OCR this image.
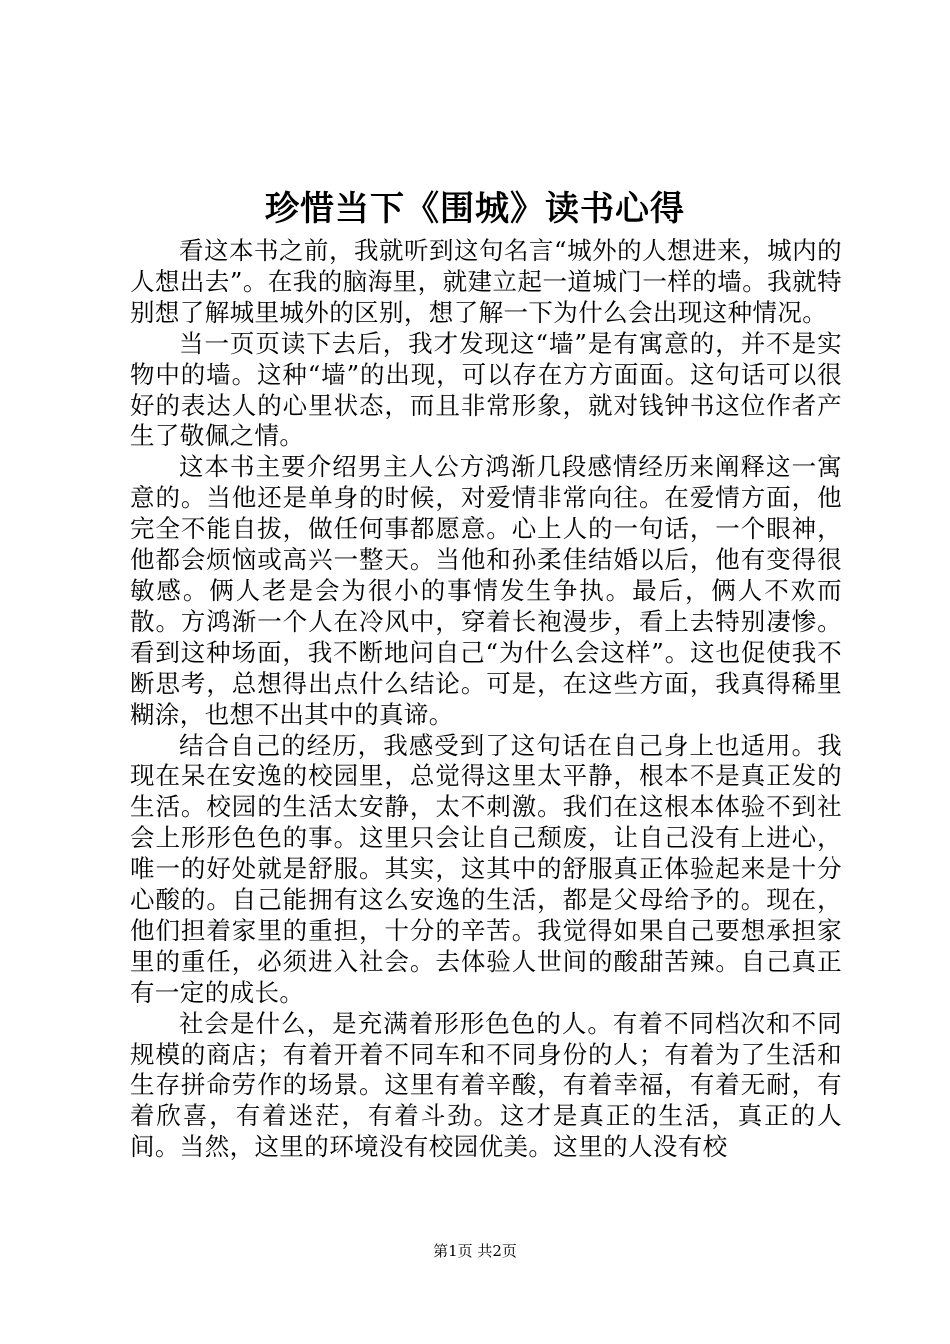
珍惜当下《围城》读书心得

看这本书之前，我就听到这句名言“城外的人想进来，城内的人想出去”。在我的脑海里，就建立起一道城门一样的墙。我就特别想了解城里城外的区别，想了解一下为什么会出现这种情况。

当一页页读下去后，我才发现这“墙”是有寓意的，并不是实物中的墙。这种“墙”的出现，可以存在方方面面。这句话可以很好的表达人的心里状态，而且非常形象，就对钱钟书这位作者产生了敬佩之情。

这本书主要介绍男主人公方鸿渐几段感情经历来阐释这一寓意的。当他还是单身的时候，对爱情非常向往。在爱情方面，他完全不能自拔，做任何事都愿意。心上人的一句话，一个眼神，他都会烦恼或高兴一整天。当他和孙柔佳结婚以后，他有变得很敏感。俩人老是会为很小的事情发生争执。最后，俩人不欢而散。方鸿渐一个人在冷风中，穿着长袍漫步，看上去特别凄惨。看到这种场面，我不断地问自己“为什么会这样”。这也促使我不断思考，总想得出点什么结论。可是，在这些方面，我真得稀里糊涂，也想不出其中的真谛。

结合自己的经历，我感受到了这句话在自己身上也适用。我现在呆在安逸的校园里，总觉得这里太平静，根本不是真正发的生活。校园的生活太安静，太不刺激。我们在这根本体验不到社会上形形色色的事。这里只会让自己颓废，让自己没有上进心，唯一的好处就是舒服。其实，这其中的舒服真正体验起来是十分心酸的。自己能拥有这么安逸的生活，都是父母给予的。现在，他们担着家里的重担，十分的辛苦。我觉得如果自己要想承担家里的重任，必须进入社会。去体验人世间的酸甜苦辣。自己真正有一定的成长。

社会是什么，是充满着形形色色的人。有着不同档次和不同规模的商店；有着开着不同车和不同身份的人；有着为了生活和生存拼命劳作的场景。这里有着辛酸，有着幸福，有着无耐，有着欣喜，有着迷茫，有着斗劲。这才是真正的生活，真正的人间。当然，这里的环境没有校园优美。这里的人没有校

第1页 共2页
